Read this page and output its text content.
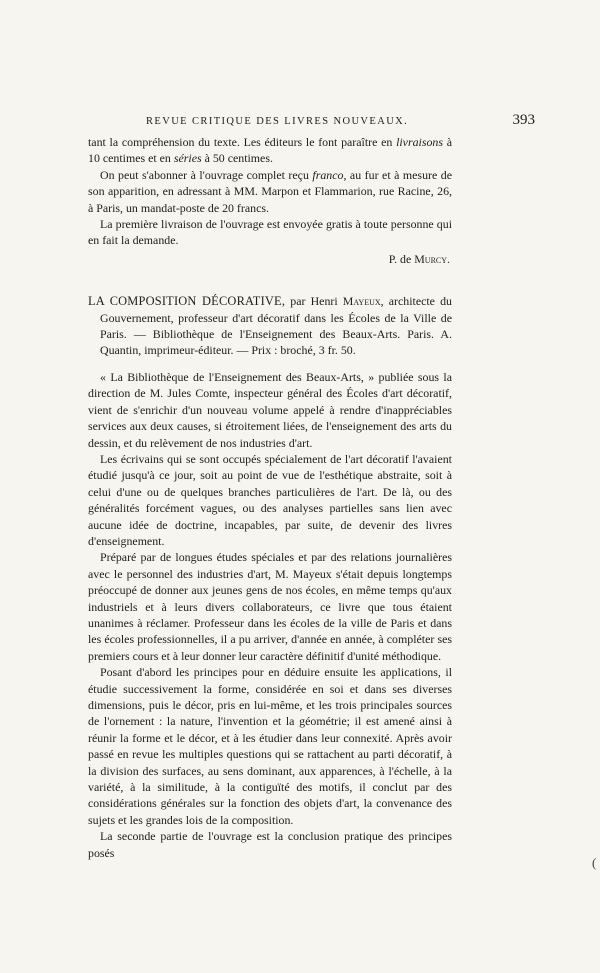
REVUE CRITIQUE DES LIVRES NOUVEAUX.	393

tant la compréhension du texte. Les éditeurs le font paraître en livraisons à 10 centimes et en séries à 50 centimes.

On peut s'abonner à l'ouvrage complet reçu franco, au fur et à mesure de son apparition, en adressant à MM. Marpon et Flammarion, rue Racine, 26, à Paris, un mandat-poste de 20 francs.

La première livraison de l'ouvrage est envoyée gratis à toute personne qui en fait la demande.

P. de Murcy.
LA COMPOSITION DÉCORATIVE, par Henri Mayeux, architecte du Gouvernement, professeur d'art décoratif dans les Écoles de la Ville de Paris. — Bibliothèque de l'Enseignement des Beaux-Arts. Paris. A. Quantin, imprimeur-éditeur. — Prix : broché, 3 fr. 50.

« La Bibliothèque de l'Enseignement des Beaux-Arts, » publiée sous la direction de M. Jules Comte, inspecteur général des Écoles d'art décoratif, vient de s'enrichir d'un nouveau volume appelé à rendre d'inappréciables services aux deux causes, si étroitement liées, de l'enseignement des arts du dessin, et du relèvement de nos industries d'art.

Les écrivains qui se sont occupés spécialement de l'art décoratif l'avaient étudié jusqu'à ce jour, soit au point de vue de l'esthétique abstraite, soit à celui d'une ou de quelques branches particulières de l'art. De là, ou des généralités forcément vagues, ou des analyses partielles sans lien avec aucune idée de doctrine, incapables, par suite, de devenir des livres d'enseignement.

Préparé par de longues études spéciales et par des relations journalières avec le personnel des industries d'art, M. Mayeux s'était depuis longtemps préoccupé de donner aux jeunes gens de nos écoles, en même temps qu'aux industriels et à leurs divers collaborateurs, ce livre que tous étaient unanimes à réclamer. Professeur dans les écoles de la ville de Paris et dans les écoles professionnelles, il a pu arriver, d'année en année, à compléter ses premiers cours et à leur donner leur caractère définitif d'unité méthodique.

Posant d'abord les principes pour en déduire ensuite les applications, il étudie successivement la forme, considérée en soi et dans ses diverses dimensions, puis le décor, pris en lui-même, et les trois principales sources de l'ornement : la nature, l'invention et la géométrie; il est amené ainsi à réunir la forme et le décor, et à les étudier dans leur connexité. Après avoir passé en revue les multiples questions qui se rattachent au parti décoratif, à la division des surfaces, au sens dominant, aux apparences, à l'échelle, à la variété, à la similitude, à la contiguïté des motifs, il conclut par des considérations générales sur la fonction des objets d'art, la convenance des sujets et les grandes lois de la composition.

La seconde partie de l'ouvrage est la conclusion pratique des principes posés

(
